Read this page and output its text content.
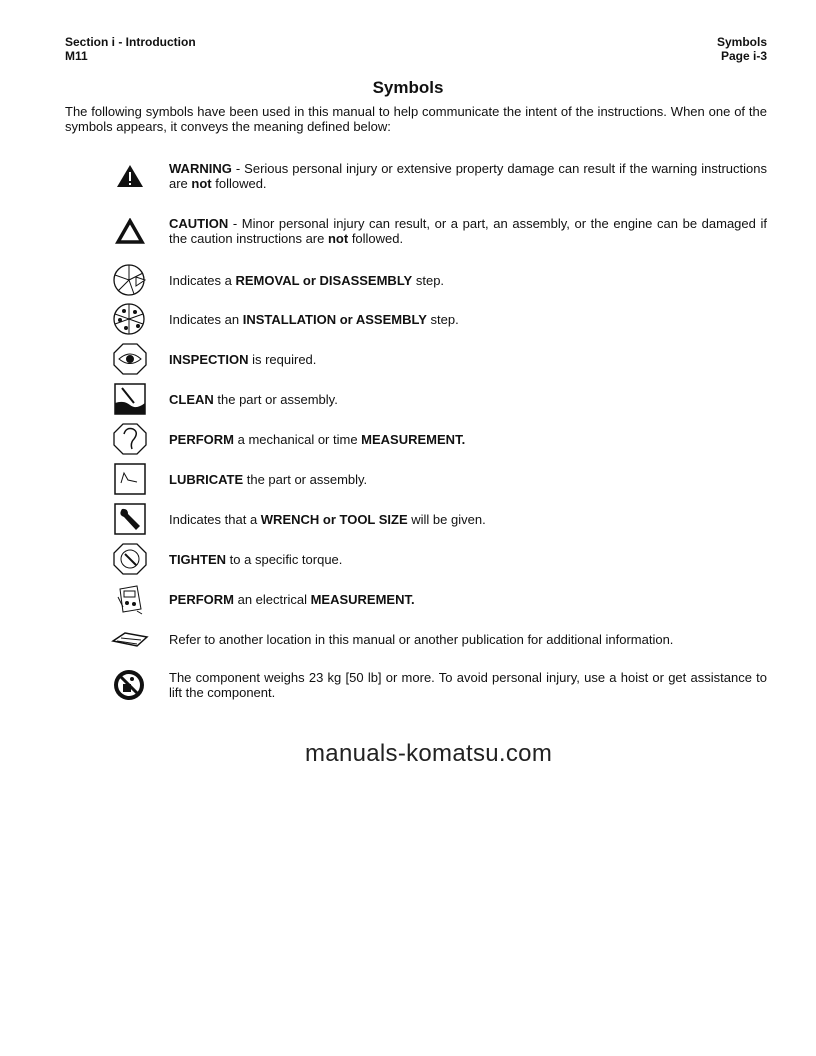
Section i - Introduction
M11
Symbols
Page i-3
Symbols
The following symbols have been used in this manual to help communicate the intent of the instructions. When one of the symbols appears, it conveys the meaning defined below:
WARNING - Serious personal injury or extensive property damage can result if the warning instructions are not followed.
CAUTION - Minor personal injury can result, or a part, an assembly, or the engine can be damaged if the caution instructions are not followed.
Indicates a REMOVAL or DISASSEMBLY step.
Indicates an INSTALLATION or ASSEMBLY step.
INSPECTION is required.
CLEAN the part or assembly.
PERFORM a mechanical or time MEASUREMENT.
LUBRICATE the part or assembly.
Indicates that a WRENCH or TOOL SIZE will be given.
TIGHTEN to a specific torque.
PERFORM an electrical MEASUREMENT.
Refer to another location in this manual or another publication for additional information.
The component weighs 23 kg [50 lb] or more. To avoid personal injury, use a hoist or get assistance to lift the component.
manuals-komatsu.com
